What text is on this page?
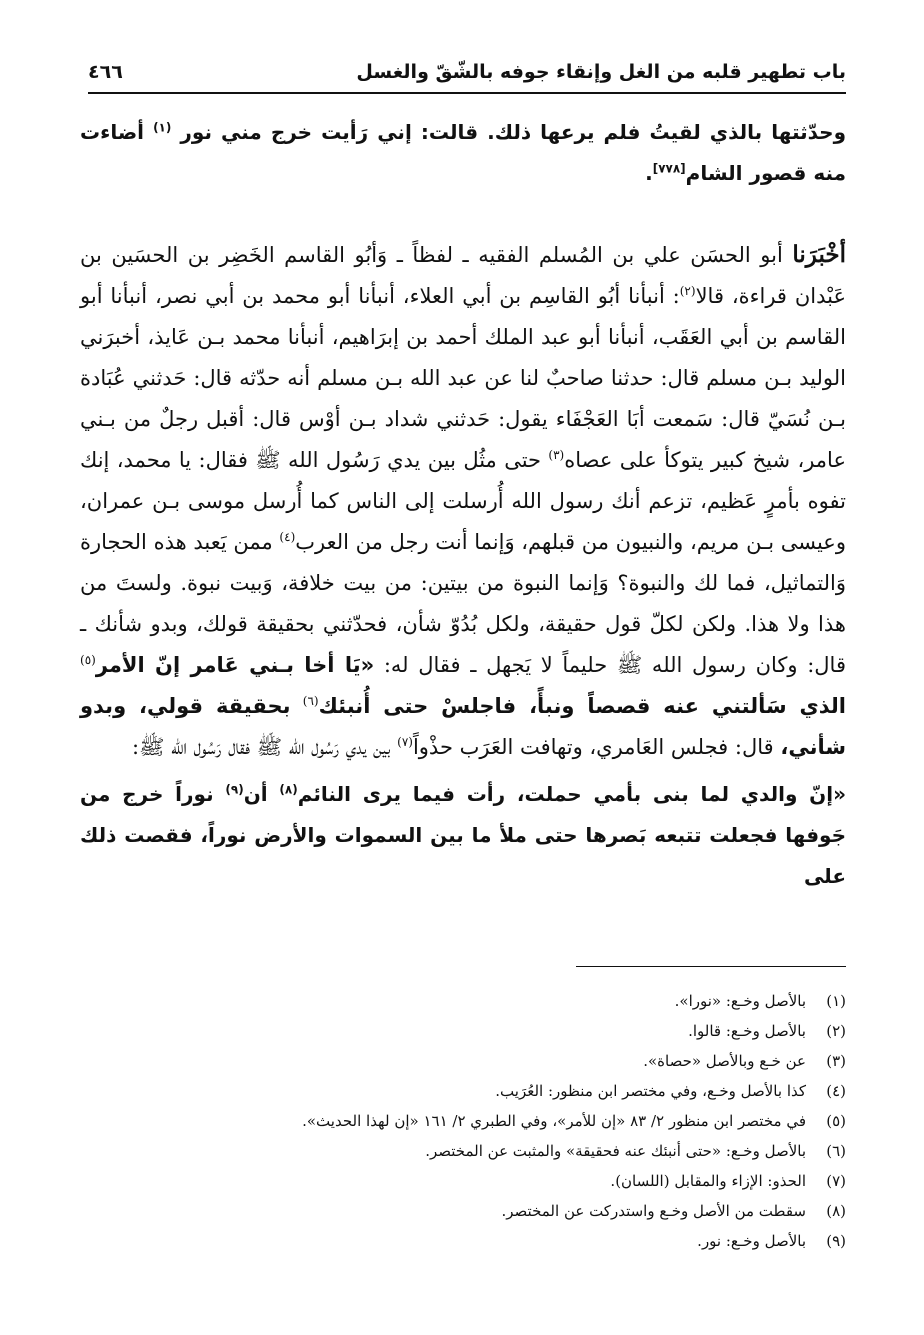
باب تطهير قلبه من الغل وإنقاء جوفه بالشّقّ والغسل
٤٦٦

وحدّثتها بالذي لقيتُ فلم يرعها ذلك. قالت: إني رَأيت خرج مني نور $^{(١)}$ أضاءت منه قصور الشام[٧٧٨].

أخْبَرَنا أبو الحسَن علي بن المُسلم الفقيه ـ لفظاً ـ وَأبُو القاسم الخَضِر بن الحسَين بن عَبْدان قراءة، قالا$^{(٢)}$: أنبأنا أبُو القاسِم بن أبي العلاء، أنبأنا أبو محمد بن أبي نصر، أنبأنا أبو القاسم بن أبي العَقَب، أنبأنا أبو عبد الملك أحمد بن إبرَاهيم، أنبأنا محمد بـن عَايذ، أخبرَني الوليد بـن مسلم قال: حدثنا صاحبٌ لنا عن عبد الله بـن مسلم أنه حدّثه قال: حَدثني عُبَادة بـن نُسَيّ قال: سَمعت أبَا العَجْفَاء يقول: حَدثني شداد بـن أوْس قال: أقبل رجلٌ من بـني عامر، شيخ كبير يتوكأ على عصاه$^{(٣)}$ حتى مثُل بين يدي رَسُول الله ﷺ فقال: يا محمد، إنك تفوه بأمرٍ عَظيم، تزعم أنك رسول الله أُرسلت إلى الناس كما أُرسل موسى بـن عمران، وعيسى بـن مريم، والنبيون من قبلهم، وَإنما أنت رجل من العرب$^{(٤)}$ ممن يَعبد هذه الحجارة وَالتماثيل، فما لك والنبوة؟ وَإنما النبوة من بيتين: من بيت خلافة، وَبيت نبوة. ولستَ من هذا ولا هذا. ولكن لكلّ قول حقيقة، ولكل بُدُوّ شأن، فحدّثني بحقيقة قولك، وبدو شأنك ـ قال: وكان رسول الله ﷺ حليماً لا يَجهل ـ فقال له: «يَا أخا بـني عَامر إنّ الأمر$^{(٥)}$ الذي سَألتني عنه قصصاً ونبأً، فاجلسْ حتى أُنبئك$^{(٦)}$ بحقيقة قولي، وبدو شأني، قال: فجلس العَامري، وتهافت العَرَب حذْواً$^{(٧)}$ بين يدي رَسُول الله ﷺ فقال رَسُول الله ﷺ:

«إنّ والدي لما بنى بأمي حملت، رأت فيما يرى النائم$^{(٨)}$ أن$^{(٩)}$ نوراً خرج من جَوفها فجعلت تتبعه بَصرها حتى ملأ ما بين السموات والأرض نوراً، فقصت ذلك على

(١)بالأصل وخـع: «نورا».
(٢)بالأصل وخـع: قالوا.
(٣)عن خـع وبالأصل «حصاة».
(٤)كذا بالأصل وخـع، وفي مختصر ابن منظور: العُرَيب.
(٥)في مختصر ابن منظور ٢/ ٨٣ «إن للأمر»، وفي الطبري ٢/ ١٦١ «إن لهذا الحديث».
(٦)بالأصل وخـع: «حتى أنبئك عنه فحقيقة» والمثبت عن المختصر.
(٧)الحذو: الإزاء والمقابل (اللسان).
(٨)سقطت من الأصل وخـع واستدركت عن المختصر.
(٩)بالأصل وخـع: نور.
